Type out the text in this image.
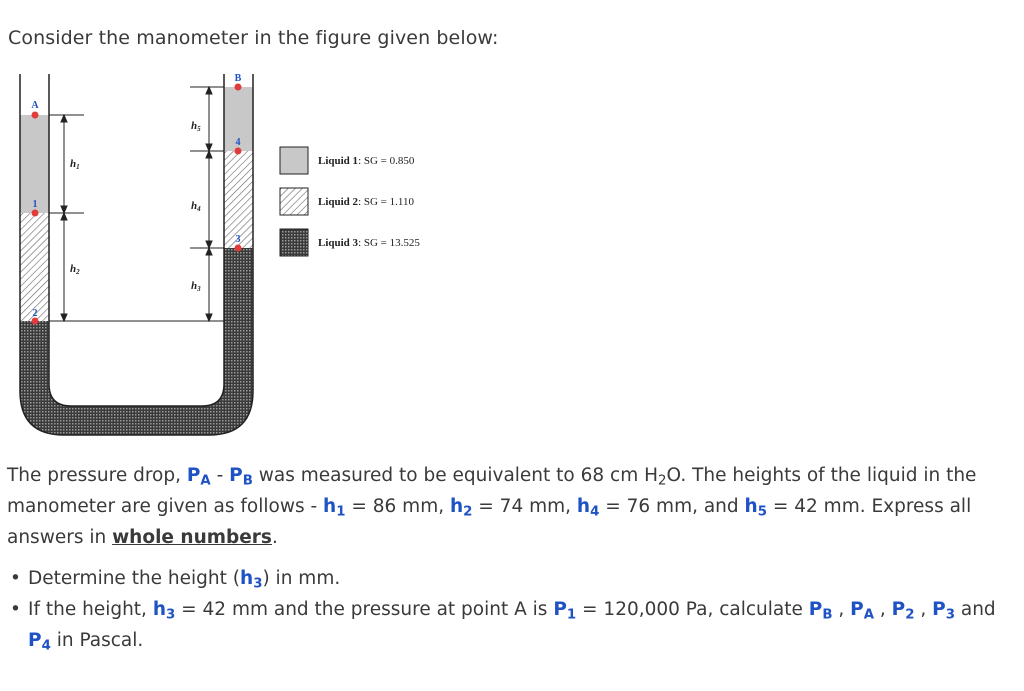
Consider the manometer in the figure given below:
A
1
2
3
4
B
h1
h2
h3
h4
h5
Liquid 1: SG = 0.850
Liquid 2: SG = 1.110
Liquid 3: SG = 13.525

The pressure drop, $P_A - P_B$ was measured to be equivalent to 68 cm $H_2O$. The heights of the liquid in the manometer are given as follows - $h_1 = 86$ mm, $h_2 = 74$ mm, $h_4 = 76$ mm, and $h_5 = 42$ mm. Express all answers in whole numbers.

• Determine the height $(h_3)$ in mm.
• If the height, $h_3 = 42$ mm and the pressure at point A is $P_1 = 120,000$ Pa, calculate $P_B$ , $P_A$ , $P_2$ , $P_3$ and $P_4$ in Pascal.
